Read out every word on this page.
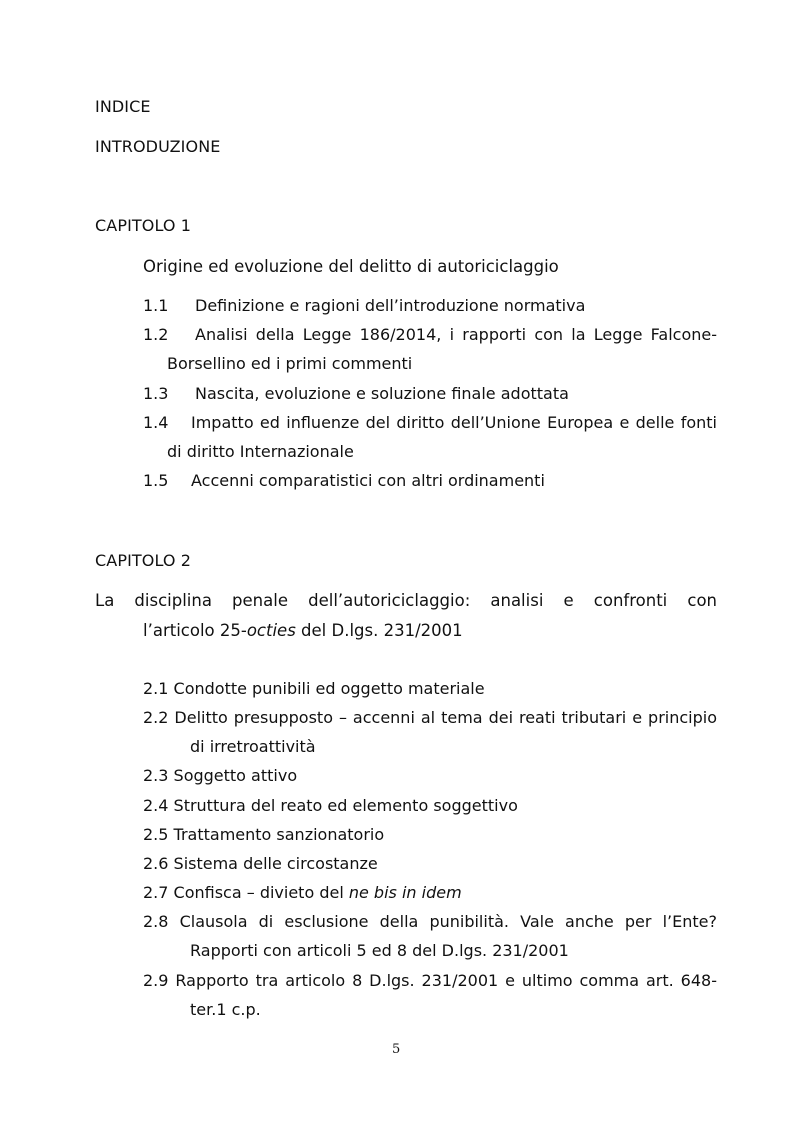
INDICE
INTRODUZIONE
CAPITOLO 1
Origine ed evoluzione del delitto di autoriciclaggio
1.1 Definizione e ragioni dell’introduzione normativa
1.2 Analisi della Legge 186/2014, i rapporti con la Legge Falcone-
Borsellino ed i primi commenti
1.3 Nascita, evoluzione e soluzione finale adottata
1.4 Impatto ed influenze del diritto dell’Unione Europea e delle fonti
di diritto Internazionale
1.5 Accenni comparatistici con altri ordinamenti
CAPITOLO 2
La disciplina penale dell’autoriciclaggio: analisi e confronti con
l’articolo 25-octies del D.lgs. 231/2001
2.1 Condotte punibili ed oggetto materiale
2.2 Delitto presupposto – accenni al tema dei reati tributari e principio
di irretroattività
2.3 Soggetto attivo
2.4 Struttura del reato ed elemento soggettivo
2.5 Trattamento sanzionatorio
2.6 Sistema delle circostanze
2.7 Confisca – divieto del ne bis in idem
2.8 Clausola di esclusione della punibilità. Vale anche per l’Ente?
Rapporti con articoli 5 ed 8 del D.lgs. 231/2001
2.9 Rapporto tra articolo 8 D.lgs. 231/2001 e ultimo comma art. 648-
ter.1 c.p.
5
